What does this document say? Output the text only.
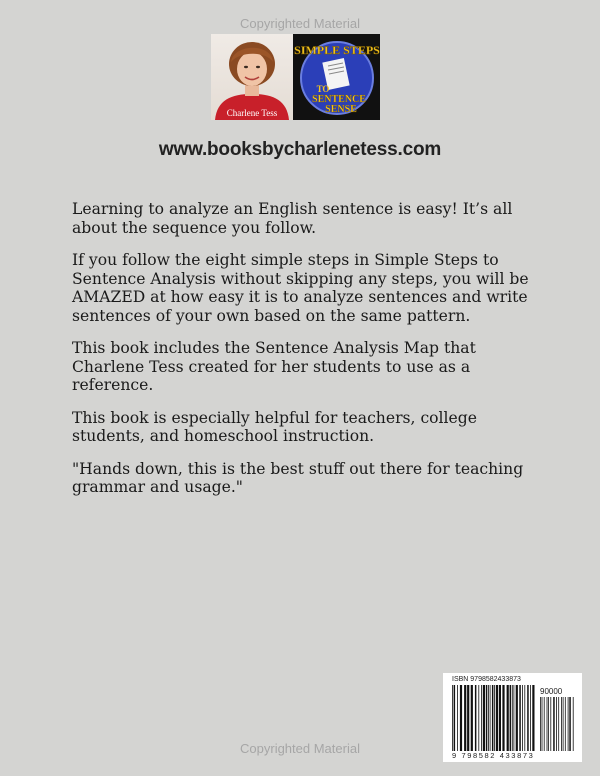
Copyrighted Material
Charlene Tess
SIMPLE STEPS
TO
SENTENCE
SENSE
www.booksbycharlenetess.com

Learning to analyze an English sentence is easy! It’s all about the sequence you follow.

If you follow the eight simple steps in Simple Steps to Sentence Analysis without skipping any steps, you will be AMAZED at how easy it is to analyze sentences and write sentences of your own based on the same pattern.

This book includes the Sentence Analysis Map that Charlene Tess created for her students to use as a reference.

This book is especially helpful for teachers, college students, and homeschool instruction.

"Hands down, this is the best stuff out there for teaching grammar and usage."

ISBN 9798582433873
90000
9 798582 433873
Copyrighted Material
